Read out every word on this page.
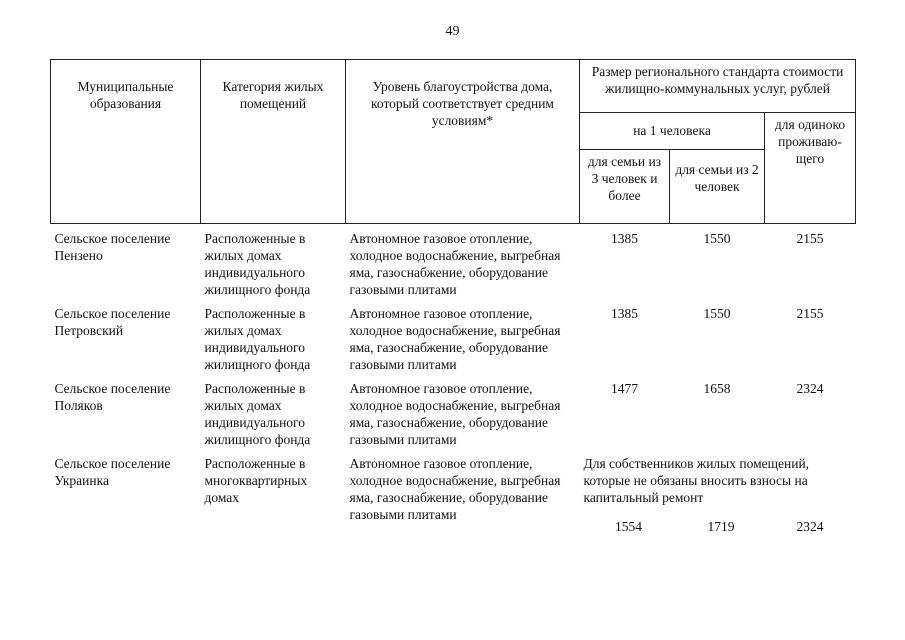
49
Муниципальные образования	Категория жилых помещений	Уровень благоустройства дома, который соответствует средним условиям*	Размер регионального стандарта стоимости жилищно-коммунальных услуг, рублей		
			на 1 человека		для одиноко проживаю-щего
			для семьи из 3 человек и более	для семьи из 2 человек	
Сельское поселение Пензено	Расположенные в жилых домах индивидуального жилищного фонда	Автономное газовое отопление, холодное водоснабжение, выгребная яма, газоснабжение, оборудование газовыми плитами	1385	1550	2155
Сельское поселение Петровский	Расположенные в жилых домах индивидуального жилищного фонда	Автономное газовое отопление, холодное водоснабжение, выгребная яма, газоснабжение, оборудование газовыми плитами	1385	1550	2155
Сельское поселение Поляков	Расположенные в жилых домах индивидуального жилищного фонда	Автономное газовое отопление, холодное водоснабжение, выгребная яма, газоснабжение, оборудование газовыми плитами	1477	1658	2324
Сельское поселение Украинка	Расположенные в многоквартирных домах	Автономное газовое отопление, холодное водоснабжение, выгребная яма, газоснабжение, оборудование газовыми плитами	Для собственников жилых помещений, которые не обязаны вносить взносы на капитальный ремонт
1554 1719 2324		
